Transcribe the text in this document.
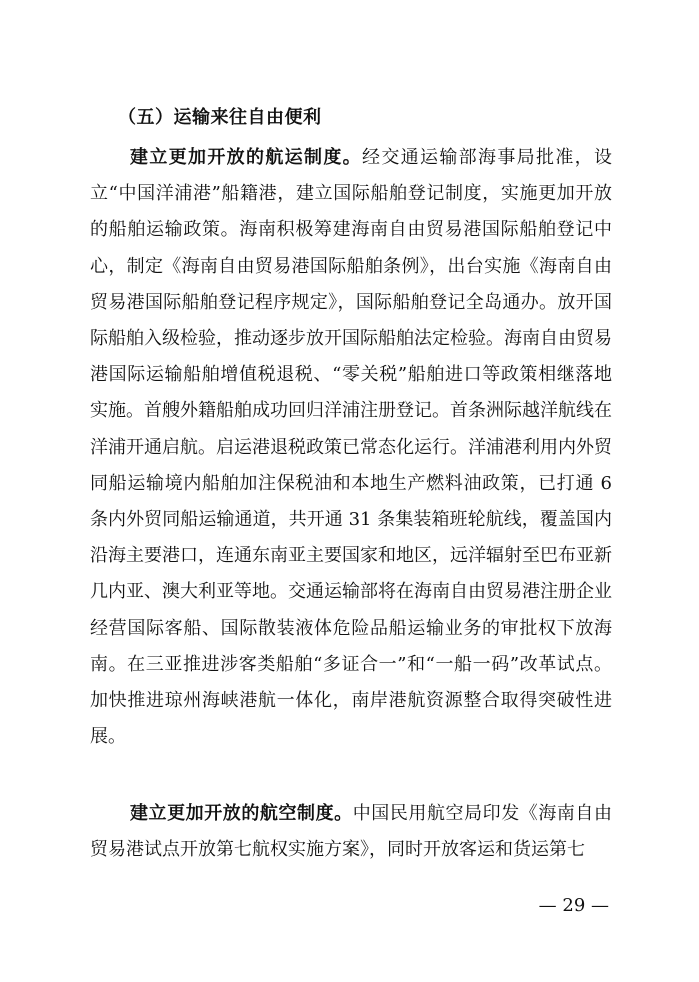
（五）运输来往自由便利

建立更加开放的航运制度。经交通运输部海事局批准，设立“中国洋浦港”船籍港，建立国际船舶登记制度，实施更加开放的船舶运输政策。海南积极筹建海南自由贸易港国际船舶登记中心，制定《海南自由贸易港国际船舶条例》，出台实施《海南自由贸易港国际船舶登记程序规定》，国际船舶登记全岛通办。放开国际船舶入级检验，推动逐步放开国际船舶法定检验。海南自由贸易港国际运输船舶增值税退税、“零关税”船舶进口等政策相继落地实施。首艘外籍船舶成功回归洋浦注册登记。首条洲际越洋航线在洋浦开通启航。启运港退税政策已常态化运行。洋浦港利用内外贸同船运输境内船舶加注保税油和本地生产燃料油政策，已打通 6 条内外贸同船运输通道，共开通 31 条集装箱班轮航线，覆盖国内沿海主要港口，连通东南亚主要国家和地区，远洋辐射至巴布亚新几内亚、澳大利亚等地。交通运输部将在海南自由贸易港注册企业经营国际客船、国际散装液体危险品船运输业务的审批权下放海南。在三亚推进涉客类船舶“多证合一”和“一船一码”改革试点。加快推进琼州海峡港航一体化，南岸港航资源整合取得突破性进展。

建立更加开放的航空制度。中国民用航空局印发《海南自由贸易港试点开放第七航权实施方案》，同时开放客运和货运第七

— 29 —
